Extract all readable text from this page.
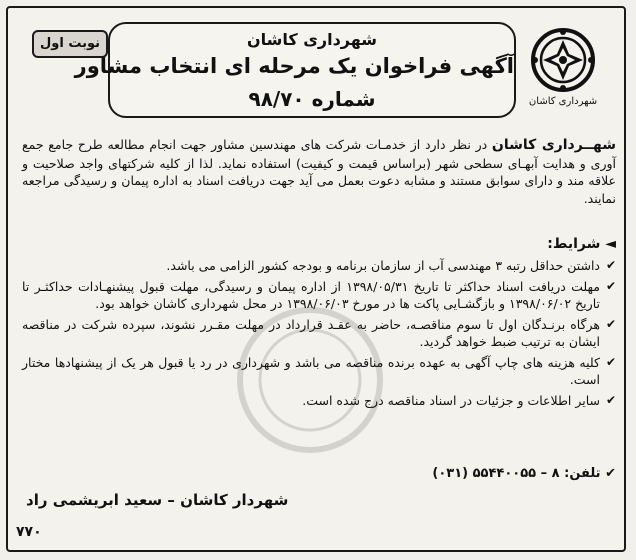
نوبت اول	شهرداری کاشان
آگهی فراخوان یک مرحله ای انتخاب مشاور
شماره ۹۸/۷۰	شهرداری کاشان
شهــرداری کاشان در نظر دارد از خدمـات شرکت های مهندسین مشاور جهت انجام مطالعه طرح جامع جمع آوری و هدایت آبهـای سطحی شهر (براساس قیمت و کیفیت) استفاده نماید. لذا از کلیه شرکتهای واجد صلاحیت و علاقه مند و دارای سوابق مستند و مشابه دعوت بعمل می آید جهت دریافت اسناد به اداره پیمان و رسیدگی مراجعه نمایند.
◄ شرایط:
✔
داشتن حداقل رتبه ۳ مهندسی آب از سازمان برنامه و بودجه کشور الزامی می باشد.
✔
مهلت دریافت اسناد حداکثر تا تاریخ ۱۳۹۸/۰۵/۳۱ از اداره پیمان و رسیدگی، مهلت قبول پیشنهـادات حداکثـر تا تاریخ ۱۳۹۸/۰۶/۰۲ و بازگشـایی پاکت ها در مورخ ۱۳۹۸/۰۶/۰۳ در محل شهرداری کاشان خواهد بود.
✔
هرگاه برنـدگان اول تا سوم مناقصـه، حاضر به عقـد قرارداد در مهلت مقـرر نشوند، سپرده شرکت در مناقصه ایشان به ترتیب ضبط خواهد گردید.
✔
کلیه هزینه های چاپ آگهی به عهده برنده مناقصه می باشد و شهرداری در رد یا قبول هر یک از پیشنهادها مختار است.
✔
سایر اطلاعات و جزئیات در اسناد مناقصه درج شده است.
✔ تلفن: ۸ – ۵۵۴۴۰۰۵۵ (۰۳۱)
شهردار کاشان – سعید ابریشمی راد
۷۷۰
